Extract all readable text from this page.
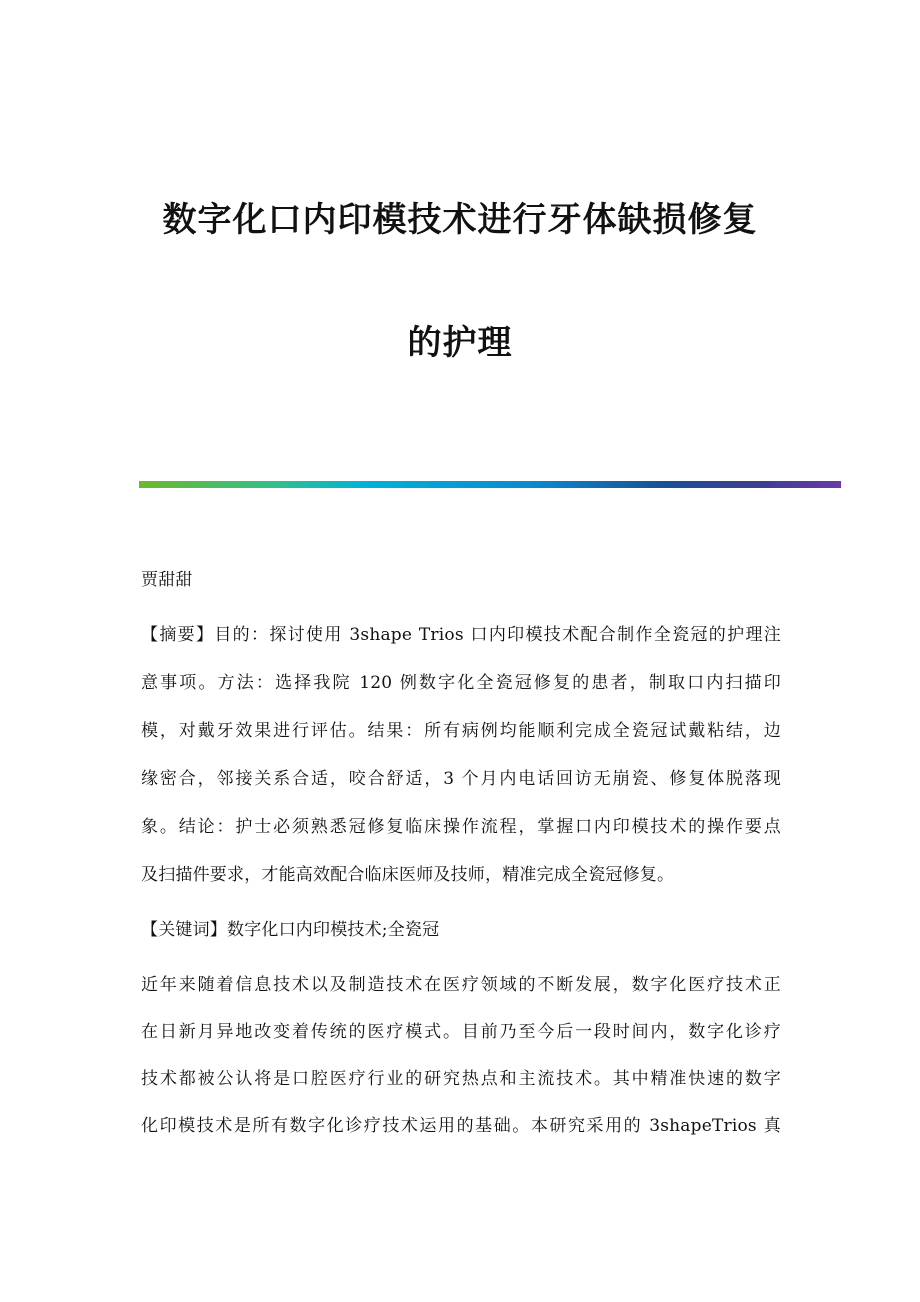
数字化口内印模技术进行牙体缺损修复
的护理
贾甜甜
【摘要】目的：探讨使用 3shape Trios 口内印模技术配合制作全瓷冠的护理注
意事项。方法：选择我院 120 例数字化全瓷冠修复的患者，制取口内扫描印
模，对戴牙效果进行评估。结果：所有病例均能顺利完成全瓷冠试戴粘结，边
缘密合，邻接关系合适，咬合舒适，3 个月内电话回访无崩瓷、修复体脱落现
象。结论：护士必须熟悉冠修复临床操作流程，掌握口内印模技术的操作要点
及扫描件要求，才能高效配合临床医师及技师，精准完成全瓷冠修复。
【关键词】数字化口内印模技术;全瓷冠
近年来随着信息技术以及制造技术在医疗领域的不断发展，数字化医疗技术正
在日新月异地改变着传统的医疗模式。目前乃至今后一段时间内，数字化诊疗
技术都被公认将是口腔医疗行业的研究热点和主流技术。其中精准快速的数字
化印模技术是所有数字化诊疗技术运用的基础。本研究采用的 3shapeTrios 真
